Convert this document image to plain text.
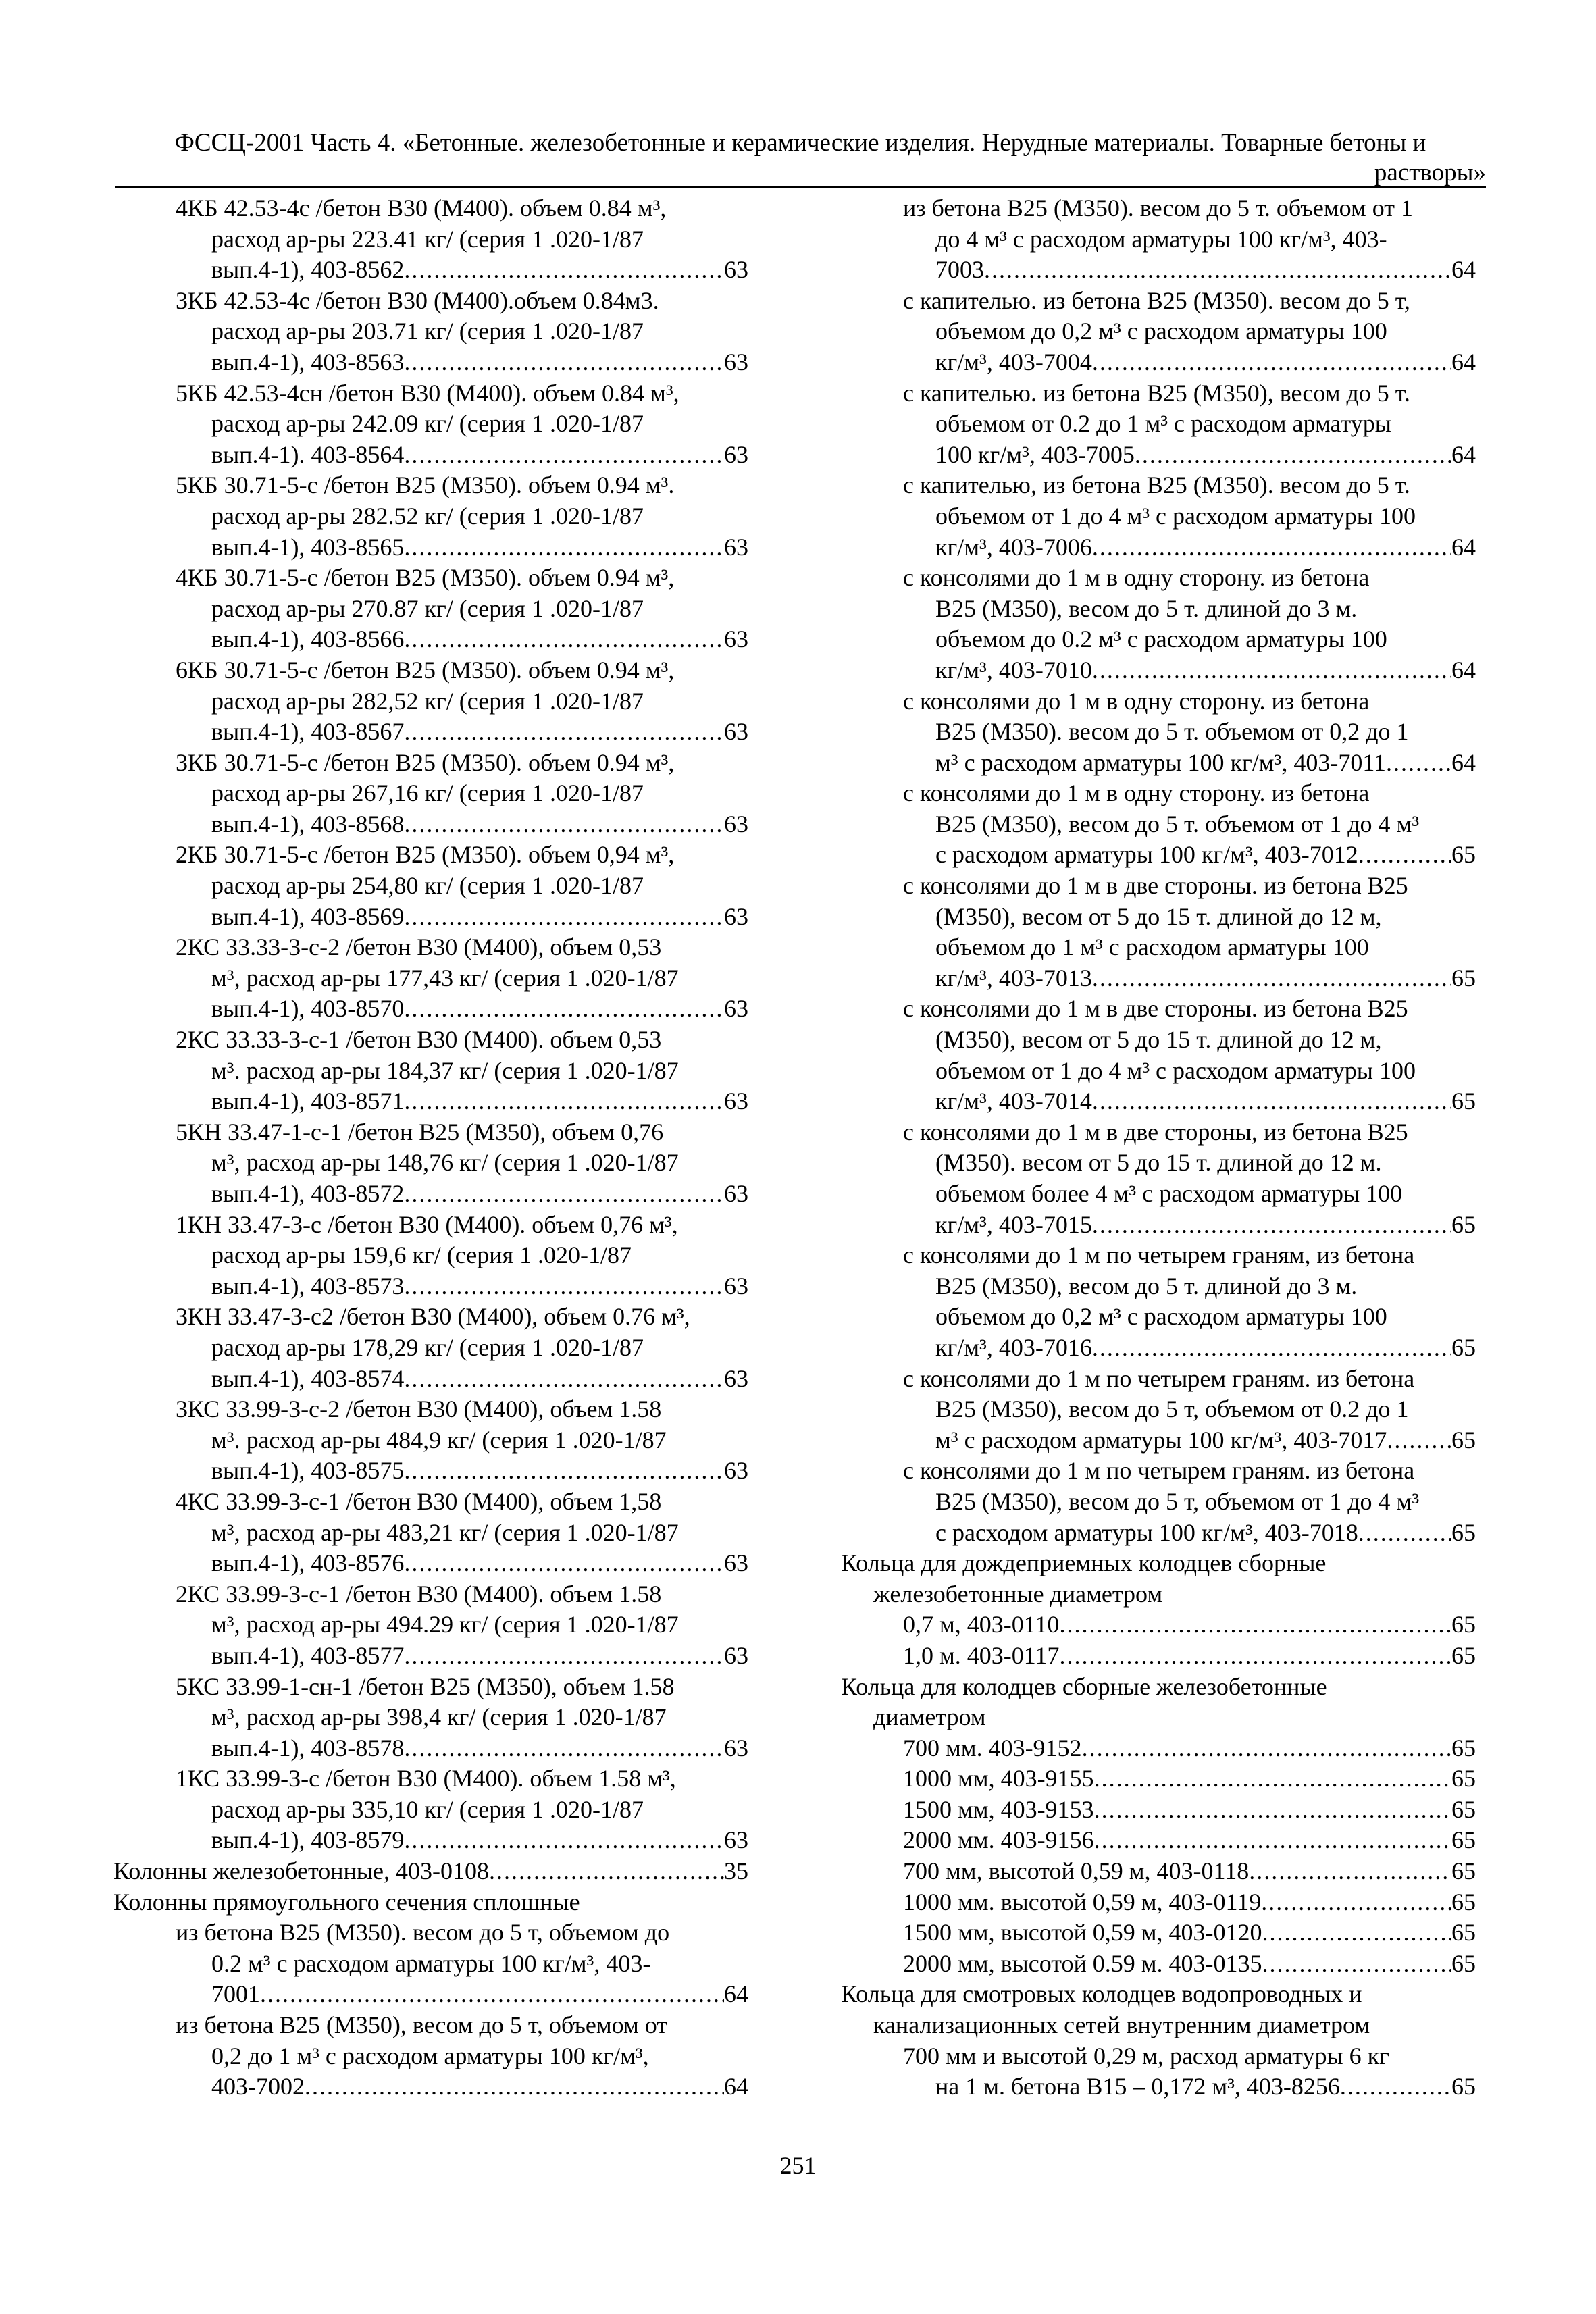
ФССЦ-2001 Часть 4. «Бетонные. железобетонные и керамические изделия. Нерудные материалы. Товарные бетоны и
растворы»
4КБ 42.53-4с /бетон В30 (М400). объем 0.84 м³,
расход ар-ры 223.41 кг/ (серия 1 .020-1/87
вып.4-1), 403-8562 .....	63
3КБ 42.53-4с /бетон В30 (М400).объем 0.84м3.
расход ар-ры 203.71 кг/ (серия 1 .020-1/87
вып.4-1), 403-8563 .....	63
5КБ 42.53-4сн /бетон В30 (М400). объем 0.84 м³,
расход ар-ры 242.09 кг/ (серия 1 .020-1/87
вып.4-1). 403-8564 .....	63
5КБ 30.71-5-с /бетон В25 (М350). объем 0.94 м³.
расход ар-ры 282.52 кг/ (серия 1 .020-1/87
вып.4-1), 403-8565 .....	63
4КБ 30.71-5-с /бетон В25 (М350). объем 0.94 м³,
расход ар-ры 270.87 кг/ (серия 1 .020-1/87
вып.4-1), 403-8566 .....	63
6КБ 30.71-5-с /бетон В25 (М350). объем 0.94 м³,
расход ар-ры 282,52 кг/ (серия 1 .020-1/87
вып.4-1), 403-8567 .....	63
3КБ 30.71-5-с /бетон В25 (М350). объем 0.94 м³,
расход ар-ры 267,16 кг/ (серия 1 .020-1/87
вып.4-1), 403-8568 .....	63
2КБ 30.71-5-с /бетон В25 (М350). объем 0,94 м³,
расход ар-ры 254,80 кг/ (серия 1 .020-1/87
вып.4-1), 403-8569 .....	63
2КС 33.33-3-с-2 /бетон В30 (М400), объем 0,53
м³, расход ар-ры 177,43 кг/ (серия 1 .020-1/87
вып.4-1), 403-8570 .....	63
2КС 33.33-3-с-1 /бетон В30 (М400). объем 0,53
м³. расход ар-ры 184,37 кг/ (серия 1 .020-1/87
вып.4-1), 403-8571 .....	63
5КН 33.47-1-с-1 /бетон В25 (М350), объем 0,76
м³, расход ар-ры 148,76 кг/ (серия 1 .020-1/87
вып.4-1), 403-8572 .....	63
1КН 33.47-3-с /бетон В30 (М400). объем 0,76 м³,
расход ар-ры 159,6 кг/ (серия 1 .020-1/87
вып.4-1), 403-8573 .....	63
3КН 33.47-3-с2 /бетон В30 (М400), объем 0.76 м³,
расход ар-ры 178,29 кг/ (серия 1 .020-1/87
вып.4-1), 403-8574 .....	63
3КС 33.99-3-с-2 /бетон В30 (М400), объем 1.58
м³. расход ар-ры 484,9 кг/ (серия 1 .020-1/87
вып.4-1), 403-8575 .....	63
4КС 33.99-3-с-1 /бетон В30 (М400), объем 1,58
м³, расход ар-ры 483,21 кг/ (серия 1 .020-1/87
вып.4-1), 403-8576 .....	63
2КС 33.99-3-с-1 /бетон В30 (М400). объем 1.58
м³, расход ар-ры 494.29 кг/ (серия 1 .020-1/87
вып.4-1), 403-8577 .....	63
5КС 33.99-1-сн-1 /бетон В25 (М350), объем 1.58
м³, расход ар-ры 398,4 кг/ (серия 1 .020-1/87
вып.4-1), 403-8578 .....	63
1КС 33.99-3-с /бетон В30 (М400). объем 1.58 м³,
расход ар-ры 335,10 кг/ (серия 1 .020-1/87
вып.4-1), 403-8579 .....	63
Колонны железобетонные, 403-0108 .....	35
Колонны прямоугольного сечения сплошные
из бетона В25 (М350). весом до 5 т, объемом до
0.2 м³ с расходом арматуры 100 кг/м³, 403-
7001 .....	64
из бетона В25 (М350), весом до 5 т, объемом от
0,2 до 1 м³ с расходом арматуры 100 кг/м³,
403-7002 .....	64
из бетона В25 (М350). весом до 5 т. объемом от 1
до 4 м³ с расходом арматуры 100 кг/м³, 403-
7003 .....	64
с капителью. из бетона В25 (М350). весом до 5 т,
объемом до 0,2 м³ с расходом арматуры 100
кг/м³, 403-7004 .....	64
с капителью. из бетона В25 (М350), весом до 5 т.
объемом от 0.2 до 1 м³ с расходом арматуры
100 кг/м³, 403-7005 .....	64
с капителью, из бетона В25 (М350). весом до 5 т.
объемом от 1 до 4 м³ с расходом арматуры 100
кг/м³, 403-7006 .....	64
с консолями до 1 м в одну сторону. из бетона
В25 (М350), весом до 5 т. длиной до 3 м.
объемом до 0.2 м³ с расходом арматуры 100
кг/м³, 403-7010 .....	64
с консолями до 1 м в одну сторону. из бетона
В25 (М350). весом до 5 т. объемом от 0,2 до 1
м³ с расходом арматуры 100 кг/м³, 403-7011 .....	64
с консолями до 1 м в одну сторону. из бетона
В25 (М350), весом до 5 т. объемом от 1 до 4 м³
с расходом арматуры 100 кг/м³, 403-7012 .....	65
с консолями до 1 м в две стороны. из бетона В25
(М350), весом от 5 до 15 т. длиной до 12 м,
объемом до 1 м³ с расходом арматуры 100
кг/м³, 403-7013 .....	65
с консолями до 1 м в две стороны. из бетона В25
(М350), весом от 5 до 15 т. длиной до 12 м,
объемом от 1 до 4 м³ с расходом арматуры 100
кг/м³, 403-7014 .....	65
с консолями до 1 м в две стороны, из бетона В25
(М350). весом от 5 до 15 т. длиной до 12 м.
объемом более 4 м³ с расходом арматуры 100
кг/м³, 403-7015 .....	65
с консолями до 1 м по четырем граням, из бетона
В25 (М350), весом до 5 т. длиной до 3 м.
объемом до 0,2 м³ с расходом арматуры 100
кг/м³, 403-7016 .....	65
с консолями до 1 м по четырем граням. из бетона
В25 (М350), весом до 5 т, объемом от 0.2 до 1
м³ с расходом арматуры 100 кг/м³, 403-7017 .....	65
с консолями до 1 м по четырем граням. из бетона
В25 (М350), весом до 5 т, объемом от 1 до 4 м³
с расходом арматуры 100 кг/м³, 403-7018 .....	65
Кольца для дождеприемных колодцев сборные
железобетонные диаметром
0,7 м, 403-0110 .....	65
1,0 м. 403-0117 .....	65
Кольца для колодцев сборные железобетонные
диаметром
700 мм. 403-9152 .....	65
1000 мм, 403-9155 .....	65
1500 мм, 403-9153 .....	65
2000 мм. 403-9156 .....	65
700 мм, высотой 0,59 м, 403-0118 .....	65
1000 мм. высотой 0,59 м, 403-0119 .....	65
1500 мм, высотой 0,59 м, 403-0120 .....	65
2000 мм, высотой 0.59 м. 403-0135 .....	65
Кольца для смотровых колодцев водопроводных и
канализационных сетей внутренним диаметром
700 мм и высотой 0,29 м, расход арматуры 6 кг
на 1 м. бетона В15 – 0,172 м³, 403-8256 .....	65
251
